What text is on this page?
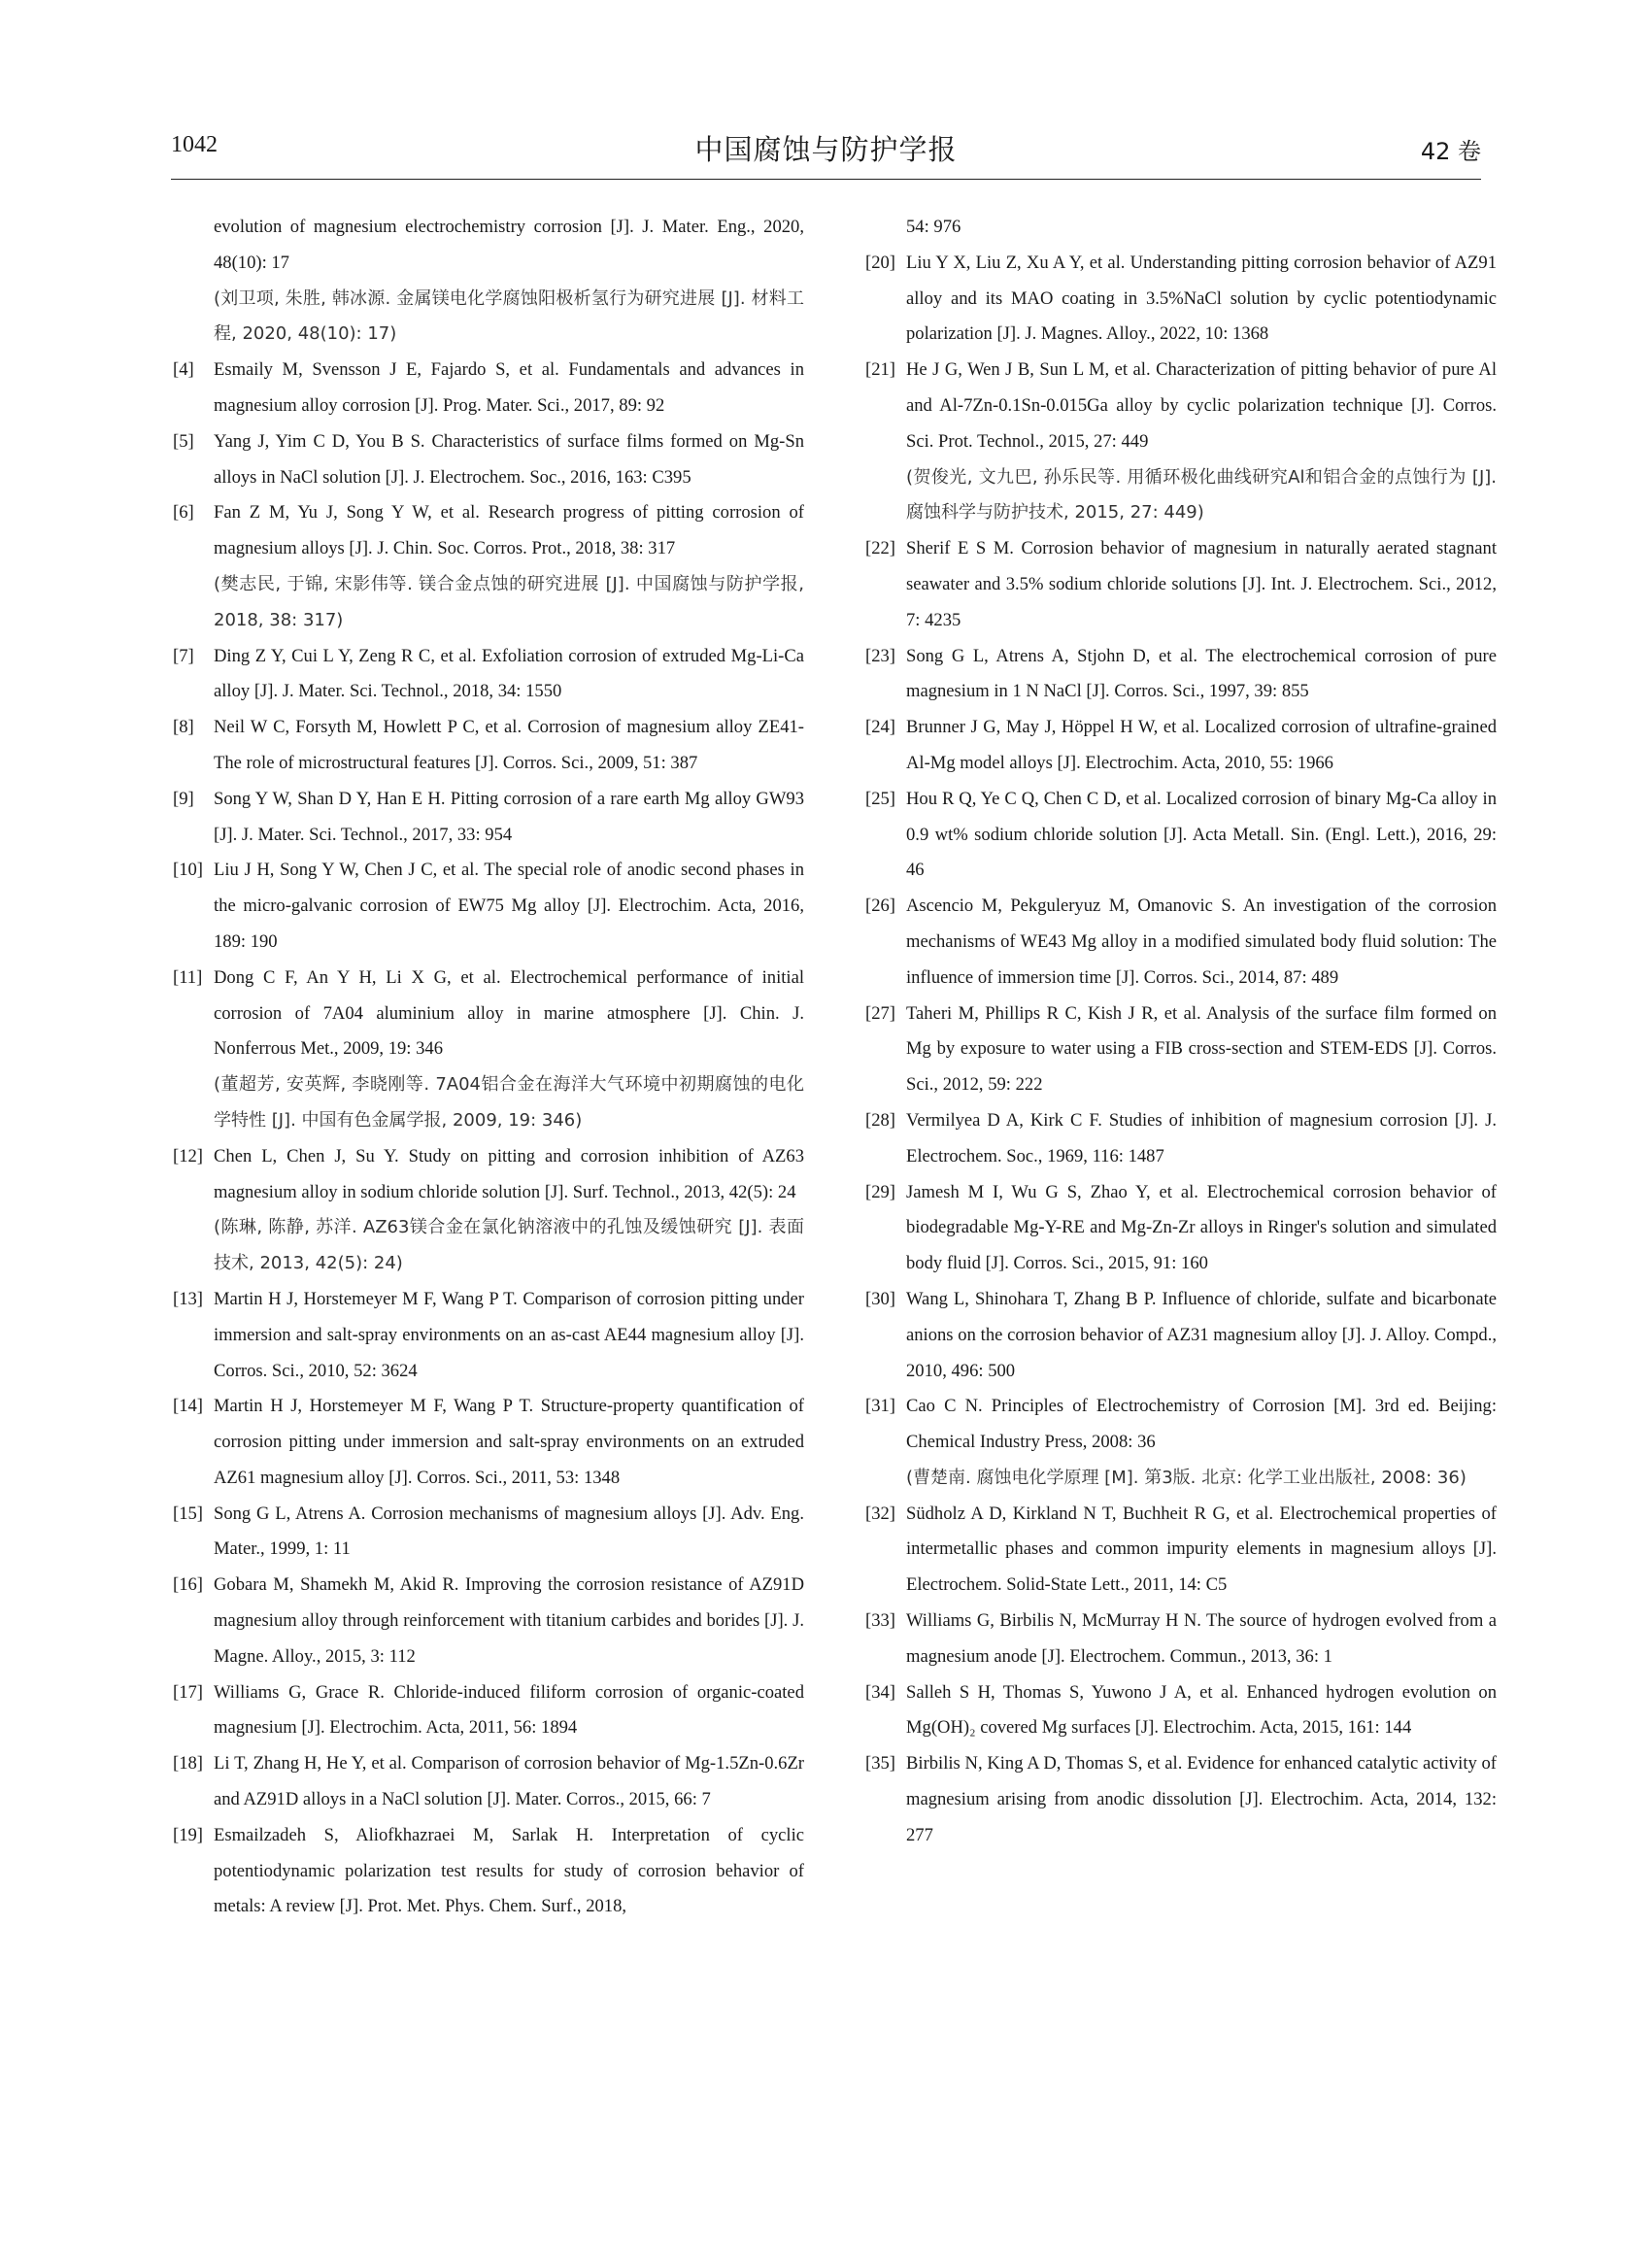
1042	中国腐蚀与防护学报	42 卷
evolution of magnesium electrochemistry corrosion [J]. J. Mater. Eng., 2020, 48(10): 17
(刘卫项, 朱胜, 韩冰源. 金属镁电化学腐蚀阳极析氢行为研究进展 [J]. 材料工程, 2020, 48(10): 17)
[4] Esmaily M, Svensson J E, Fajardo S, et al. Fundamentals and advances in magnesium alloy corrosion [J]. Prog. Mater. Sci., 2017, 89: 92
[5] Yang J, Yim C D, You B S. Characteristics of surface films formed on Mg-Sn alloys in NaCl solution [J]. J. Electrochem. Soc., 2016, 163: C395
[6] Fan Z M, Yu J, Song Y W, et al. Research progress of pitting corrosion of magnesium alloys [J]. J. Chin. Soc. Corros. Prot., 2018, 38: 317
(樊志民, 于锦, 宋影伟等. 镁合金点蚀的研究进展 [J]. 中国腐蚀与防护学报, 2018, 38: 317)
[7] Ding Z Y, Cui L Y, Zeng R C, et al. Exfoliation corrosion of extruded Mg-Li-Ca alloy [J]. J. Mater. Sci. Technol., 2018, 34: 1550
[8] Neil W C, Forsyth M, Howlett P C, et al. Corrosion of magnesium alloy ZE41-The role of microstructural features [J]. Corros. Sci., 2009, 51: 387
[9] Song Y W, Shan D Y, Han E H. Pitting corrosion of a rare earth Mg alloy GW93 [J]. J. Mater. Sci. Technol., 2017, 33: 954
[10] Liu J H, Song Y W, Chen J C, et al. The special role of anodic second phases in the micro-galvanic corrosion of EW75 Mg alloy [J]. Electrochim. Acta, 2016, 189: 190
[11] Dong C F, An Y H, Li X G, et al. Electrochemical performance of initial corrosion of 7A04 aluminium alloy in marine atmosphere [J]. Chin. J. Nonferrous Met., 2009, 19: 346
(董超芳, 安英辉, 李晓刚等. 7A04铝合金在海洋大气环境中初期腐蚀的电化学特性 [J]. 中国有色金属学报, 2009, 19: 346)
[12] Chen L, Chen J, Su Y. Study on pitting and corrosion inhibition of AZ63 magnesium alloy in sodium chloride solution [J]. Surf. Technol., 2013, 42(5): 24
(陈琳, 陈静, 苏洋. AZ63镁合金在氯化钠溶液中的孔蚀及缓蚀研究 [J]. 表面技术, 2013, 42(5): 24)
[13] Martin H J, Horstemeyer M F, Wang P T. Comparison of corrosion pitting under immersion and salt-spray environments on an as-cast AE44 magnesium alloy [J]. Corros. Sci., 2010, 52: 3624
[14] Martin H J, Horstemeyer M F, Wang P T. Structure-property quantification of corrosion pitting under immersion and salt-spray environments on an extruded AZ61 magnesium alloy [J]. Corros. Sci., 2011, 53: 1348
[15] Song G L, Atrens A. Corrosion mechanisms of magnesium alloys [J]. Adv. Eng. Mater., 1999, 1: 11
[16] Gobara M, Shamekh M, Akid R. Improving the corrosion resistance of AZ91D magnesium alloy through reinforcement with titanium carbides and borides [J]. J. Magne. Alloy., 2015, 3: 112
[17] Williams G, Grace R. Chloride-induced filiform corrosion of organic-coated magnesium [J]. Electrochim. Acta, 2011, 56: 1894
[18] Li T, Zhang H, He Y, et al. Comparison of corrosion behavior of Mg-1.5Zn-0.6Zr and AZ91D alloys in a NaCl solution [J]. Mater. Corros., 2015, 66: 7
[19] Esmailzadeh S, Aliofkhazraei M, Sarlak H. Interpretation of cyclic potentiodynamic polarization test results for study of corrosion behavior of metals: A review [J]. Prot. Met. Phys. Chem. Surf., 2018,
54: 976
[20] Liu Y X, Liu Z, Xu A Y, et al. Understanding pitting corrosion behavior of AZ91 alloy and its MAO coating in 3.5%NaCl solution by cyclic potentiodynamic polarization [J]. J. Magnes. Alloy., 2022, 10: 1368
[21] He J G, Wen J B, Sun L M, et al. Characterization of pitting behavior of pure Al and Al-7Zn-0.1Sn-0.015Ga alloy by cyclic polarization technique [J]. Corros. Sci. Prot. Technol., 2015, 27: 449
(贺俊光, 文九巴, 孙乐民等. 用循环极化曲线研究Al和铝合金的点蚀行为 [J]. 腐蚀科学与防护技术, 2015, 27: 449)
[22] Sherif E S M. Corrosion behavior of magnesium in naturally aerated stagnant seawater and 3.5% sodium chloride solutions [J]. Int. J. Electrochem. Sci., 2012, 7: 4235
[23] Song G L, Atrens A, Stjohn D, et al. The electrochemical corrosion of pure magnesium in 1 N NaCl [J]. Corros. Sci., 1997, 39: 855
[24] Brunner J G, May J, Höppel H W, et al. Localized corrosion of ultrafine-grained Al-Mg model alloys [J]. Electrochim. Acta, 2010, 55: 1966
[25] Hou R Q, Ye C Q, Chen C D, et al. Localized corrosion of binary Mg-Ca alloy in 0.9 wt% sodium chloride solution [J]. Acta Metall. Sin. (Engl. Lett.), 2016, 29: 46
[26] Ascencio M, Pekguleryuz M, Omanovic S. An investigation of the corrosion mechanisms of WE43 Mg alloy in a modified simulated body fluid solution: The influence of immersion time [J]. Corros. Sci., 2014, 87: 489
[27] Taheri M, Phillips R C, Kish J R, et al. Analysis of the surface film formed on Mg by exposure to water using a FIB cross-section and STEM-EDS [J]. Corros. Sci., 2012, 59: 222
[28] Vermilyea D A, Kirk C F. Studies of inhibition of magnesium corrosion [J]. J. Electrochem. Soc., 1969, 116: 1487
[29] Jamesh M I, Wu G S, Zhao Y, et al. Electrochemical corrosion behavior of biodegradable Mg-Y-RE and Mg-Zn-Zr alloys in Ringer's solution and simulated body fluid [J]. Corros. Sci., 2015, 91: 160
[30] Wang L, Shinohara T, Zhang B P. Influence of chloride, sulfate and bicarbonate anions on the corrosion behavior of AZ31 magnesium alloy [J]. J. Alloy. Compd., 2010, 496: 500
[31] Cao C N. Principles of Electrochemistry of Corrosion [M]. 3rd ed. Beijing: Chemical Industry Press, 2008: 36
(曹楚南. 腐蚀电化学原理 [M]. 第3版. 北京: 化学工业出版社, 2008: 36)
[32] Südholz A D, Kirkland N T, Buchheit R G, et al. Electrochemical properties of intermetallic phases and common impurity elements in magnesium alloys [J]. Electrochem. Solid-State Lett., 2011, 14: C5
[33] Williams G, Birbilis N, McMurray H N. The source of hydrogen evolved from a magnesium anode [J]. Electrochem. Commun., 2013, 36: 1
[34] Salleh S H, Thomas S, Yuwono J A, et al. Enhanced hydrogen evolution on Mg(OH)₂ covered Mg surfaces [J]. Electrochim. Acta, 2015, 161: 144
[35] Birbilis N, King A D, Thomas S, et al. Evidence for enhanced catalytic activity of magnesium arising from anodic dissolution [J]. Electrochim. Acta, 2014, 132: 277
